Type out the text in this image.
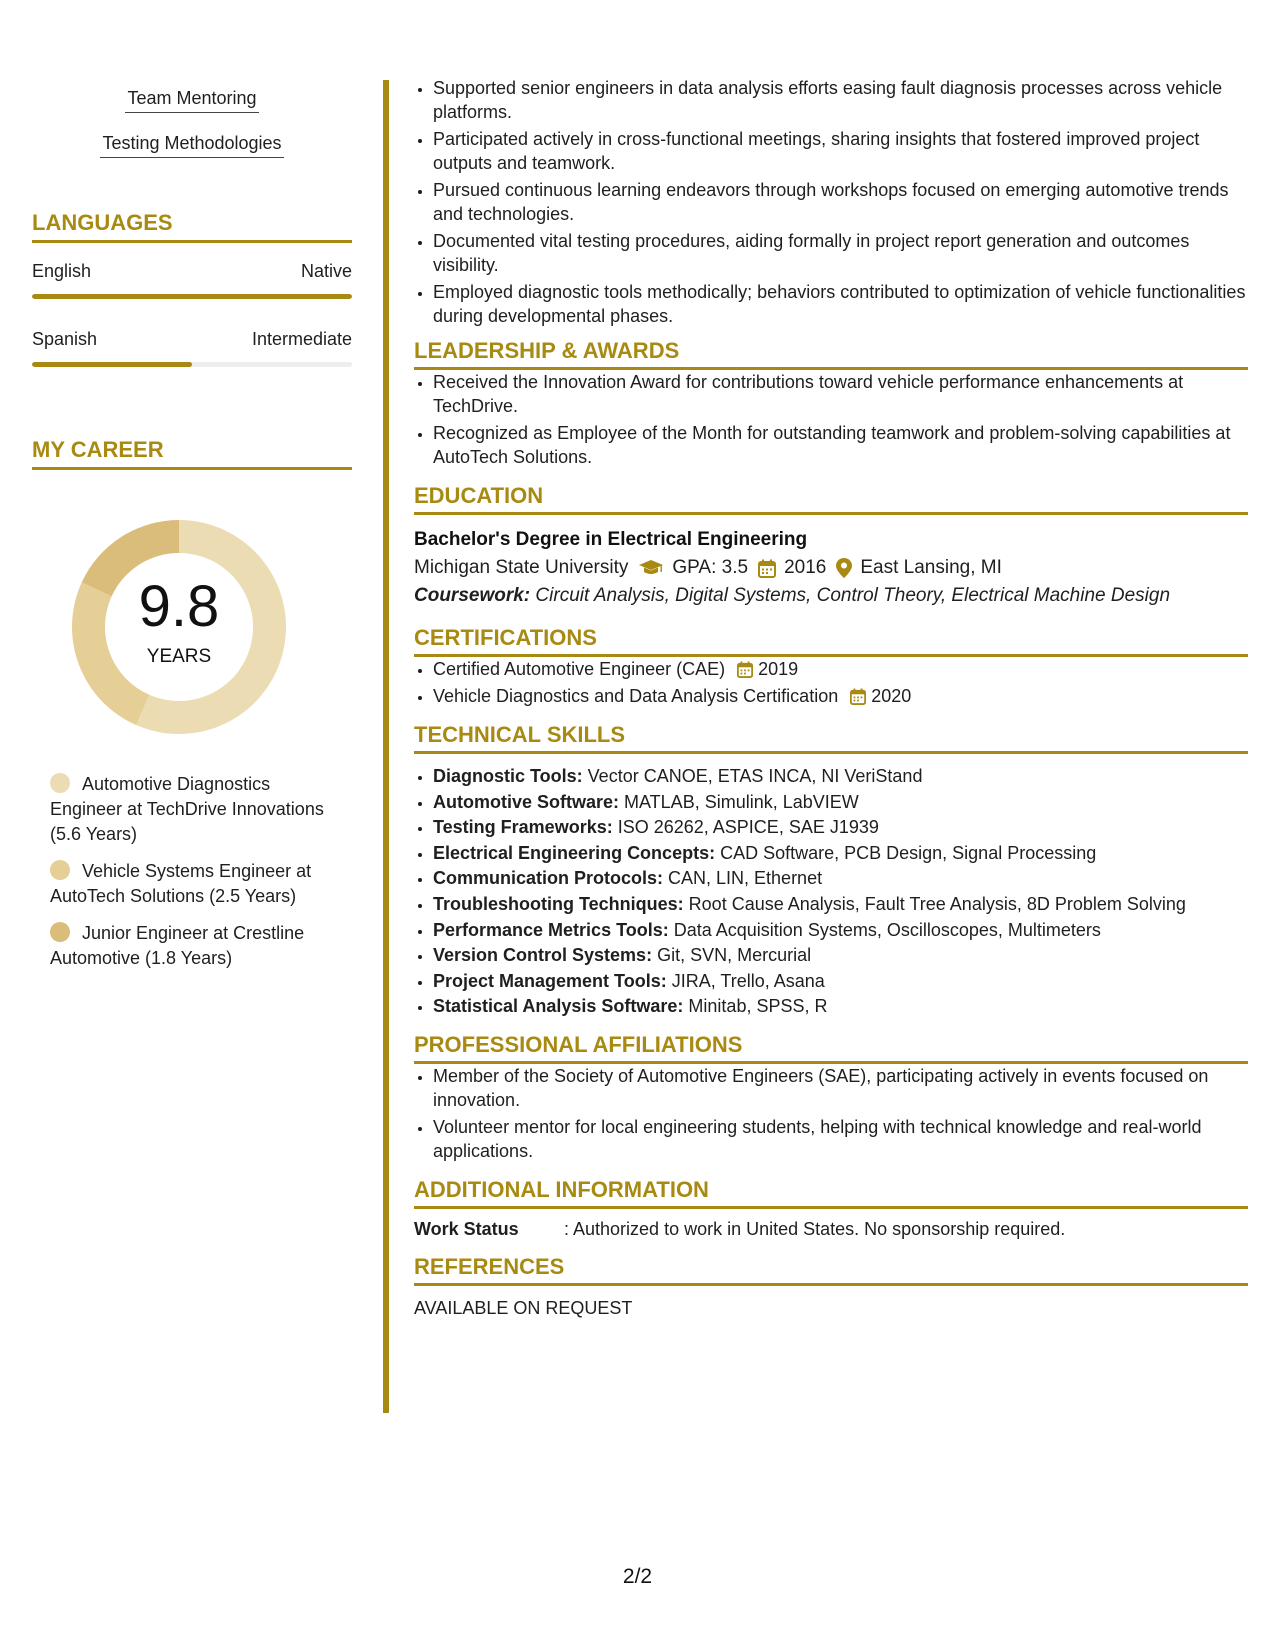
Team Mentoring
Testing Methodologies
LANGUAGES
English	Native
Spanish	Intermediate
MY CAREER
9.8
YEARS
Automotive Diagnostics Engineer at TechDrive Innovations (5.6 Years)
Vehicle Systems Engineer at AutoTech Solutions (2.5 Years)
Junior Engineer at Crestline Automotive (1.8 Years)
• Supported senior engineers in data analysis efforts easing fault diagnosis processes across vehicle platforms.
• Participated actively in cross-functional meetings, sharing insights that fostered improved project outputs and teamwork.
• Pursued continuous learning endeavors through workshops focused on emerging automotive trends and technologies.
• Documented vital testing procedures, aiding formally in project report generation and outcomes visibility.
• Employed diagnostic tools methodically; behaviors contributed to optimization of vehicle functionalities during developmental phases.
LEADERSHIP & AWARDS
• Received the Innovation Award for contributions toward vehicle performance enhancements at TechDrive.
• Recognized as Employee of the Month for outstanding teamwork and problem-solving capabilities at AutoTech Solutions.
EDUCATION
Bachelor's Degree in Electrical Engineering
Michigan State University GPA: 3.5 2016 East Lansing, MI
Coursework: Circuit Analysis, Digital Systems, Control Theory, Electrical Machine Design
CERTIFICATIONS
• Certified Automotive Engineer (CAE) 2019
• Vehicle Diagnostics and Data Analysis Certification 2020
TECHNICAL SKILLS
• Diagnostic Tools: Vector CANOE, ETAS INCA, NI VeriStand
• Automotive Software: MATLAB, Simulink, LabVIEW
• Testing Frameworks: ISO 26262, ASPICE, SAE J1939
• Electrical Engineering Concepts: CAD Software, PCB Design, Signal Processing
• Communication Protocols: CAN, LIN, Ethernet
• Troubleshooting Techniques: Root Cause Analysis, Fault Tree Analysis, 8D Problem Solving
• Performance Metrics Tools: Data Acquisition Systems, Oscilloscopes, Multimeters
• Version Control Systems: Git, SVN, Mercurial
• Project Management Tools: JIRA, Trello, Asana
• Statistical Analysis Software: Minitab, SPSS, R
PROFESSIONAL AFFILIATIONS
• Member of the Society of Automotive Engineers (SAE), participating actively in events focused on innovation.
• Volunteer mentor for local engineering students, helping with technical knowledge and real-world applications.
ADDITIONAL INFORMATION
Work Status	: Authorized to work in United States. No sponsorship required.
REFERENCES
AVAILABLE ON REQUEST
2/2
